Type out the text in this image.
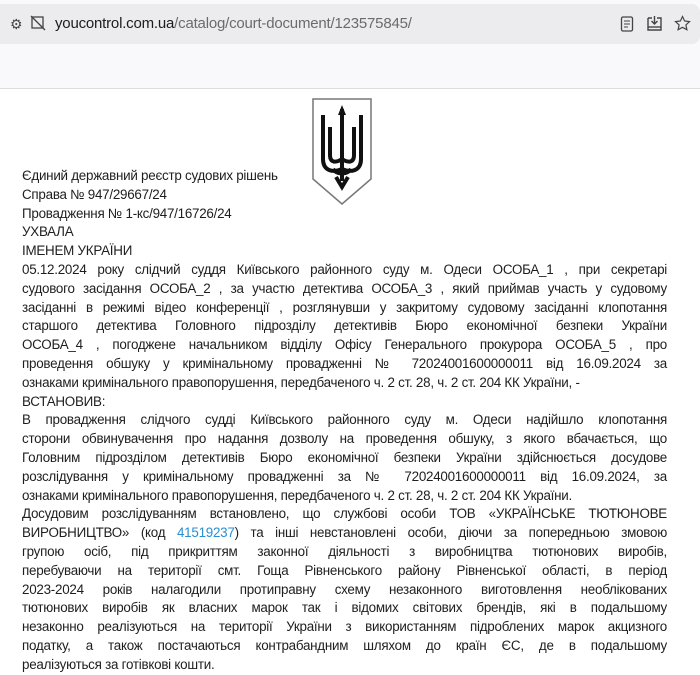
⚙ youcontrol.com.ua/catalog/court-document/123575845/
Єдиний державний реєстр судових рішень
Справа № 947/29667/24
Провадження № 1-кс/947/16726/24
УХВАЛА
ІМЕНЕМ УКРАЇНИ
05.12.2024 року слідчий суддя Київського районного суду м. Одеси ОСОБА_1 , при секретарі
судового засідання ОСОБА_2 , за участю детектива ОСОБА_3 , який приймав участь у судовому
засіданні в режимі відео конференції , розглянувши у закритому судовому засіданні клопотання
старшого детектива Головного підрозділу детективів Бюро економічної безпеки України
ОСОБА_4 , погоджене начальником відділу Офісу Генерального прокурора ОСОБА_5 , про
проведення обшуку у кримінальному провадженні № 72024001600000011 від 16.09.2024 за
ознаками кримінального правопорушення, передбаченого ч. 2 ст. 28, ч. 2 ст. 204 КК України, -
ВСТАНОВИВ:
В провадження слідчого судді Київського районного суду м. Одеси надійшло клопотання
сторони обвинувачення про надання дозволу на проведення обшуку, з якого вбачається, що
Головним підрозділом детективів Бюро економічної безпеки України здійснюється досудове
розслідування у кримінальному провадженні за № 72024001600000011 від 16.09.2024, за
ознаками кримінального правопорушення, передбаченого ч. 2 ст. 28, ч. 2 ст. 204 КК України.
Досудовим розслідуванням встановлено, що службові особи ТОВ «УКРАЇНСЬКЕ ТЮТЮНОВЕ
ВИРОБНИЦТВО» (код 41519237) та інші невстановлені особи, діючи за попередньою змовою
групою осіб, під прикриттям законної діяльності з виробництва тютюнових виробів,
перебуваючи на території смт. Гоща Рівненського району Рівненської області, в період
2023-2024 років налагодили протиправну схему незаконного виготовлення необлікованих
тютюнових виробів як власних марок так і відомих світових брендів, які в подальшому
незаконно реалізуються на території України з використанням підроблених марок акцизного
податку, а також постачаються контрабандним шляхом до країн ЄС, де в подальшому
реалізуються за готівкові кошти.
